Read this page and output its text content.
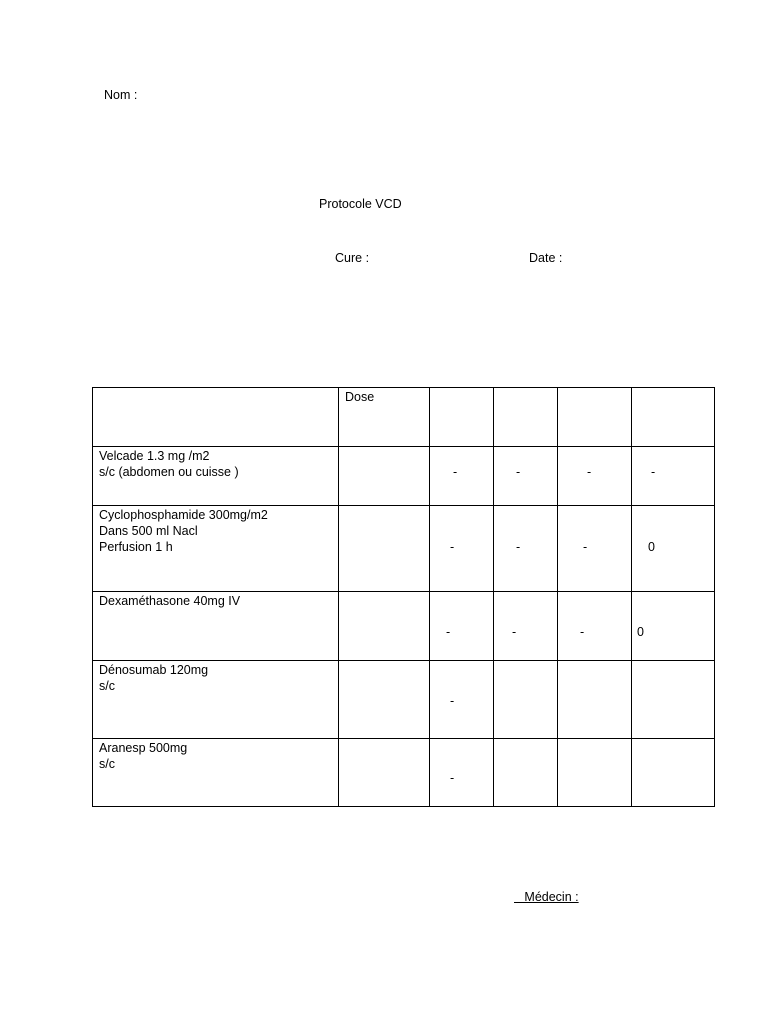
Nom :
Protocole VCD
Cure :	Date :

	Dose				

Velcade 1.3 mg /m2
s/c (abdomen ou cuisse )		-	-	-	-

Cyclophosphamide 300mg/m2
Dans 500 ml Nacl
Perfusion 1 h		-	-	-	0

Dexaméthasone 40mg IV		-	-	-	0

Dénosumab 120mg
s/c		-			

Aranesp 500mg
s/c		-			

Médecin :
